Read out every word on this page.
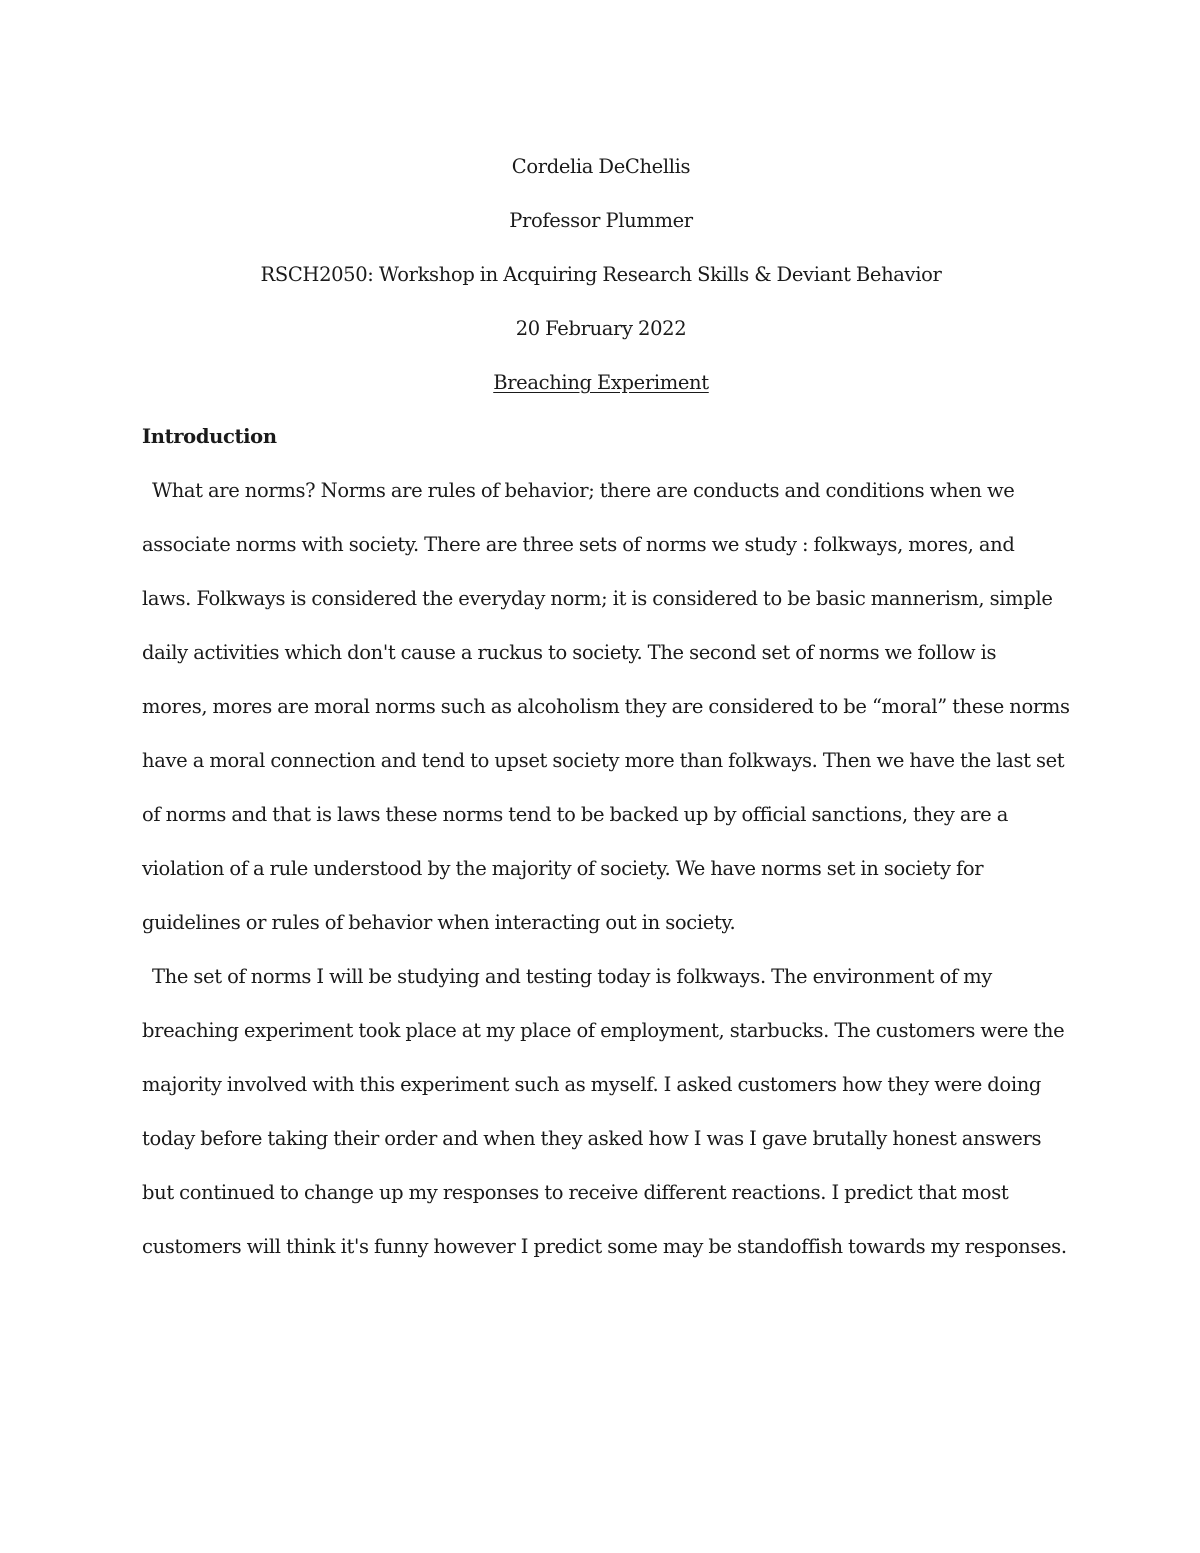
Cordelia DeChellis
Professor Plummer
RSCH2050: Workshop in Acquiring Research Skills & Deviant Behavior
20 February 2022
Breaching Experiment
Introduction
What are norms? Norms are rules of behavior; there are conducts and conditions when we
associate norms with society. There are three sets of norms we study : folkways, mores, and
laws. Folkways is considered the everyday norm; it is considered to be basic mannerism, simple
daily activities which don't cause a ruckus to society. The second set of norms we follow is
mores, mores are moral norms such as alcoholism they are considered to be “moral” these norms
have a moral connection and tend to upset society more than folkways. Then we have the last set
of norms and that is laws these norms tend to be backed up by official sanctions, they are a
violation of a rule understood by the majority of society. We have norms set in society for
guidelines or rules of behavior when interacting out in society.
The set of norms I will be studying and testing today is folkways. The environment of my
breaching experiment took place at my place of employment, starbucks. The customers were the
majority involved with this experiment such as myself. I asked customers how they were doing
today before taking their order and when they asked how I was I gave brutally honest answers
but continued to change up my responses to receive different reactions. I predict that most
customers will think it's funny however I predict some may be standoffish towards my responses.
